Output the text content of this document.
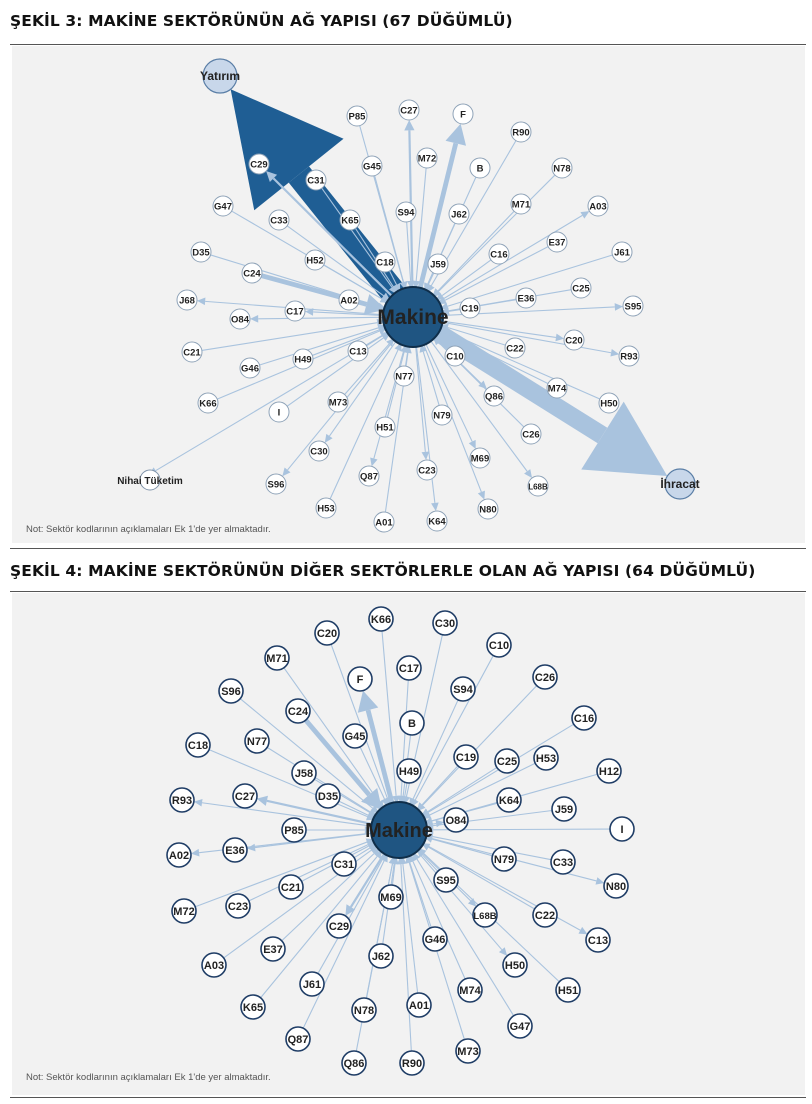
ŞEKİL 3: MAKİNE SEKTÖRÜNÜN AĞ YAPISI (67 DÜĞÜMLÜ)
Makine
Yatırım
İhracat
Nihai Tüketim
P85
C27	F
R90
G45
M72
B	N78
C29
C31
G47
C33	K65
S94	J62
M71	A03
D35
H52	C18	J59
C16
E37
J61
C24
J68	A02
C17
O84
C19
E36
C25
S95
C21
G46
H49
C13	C10
C22
C20
R93
N77
K66
I
M73
M74
H50
Q86
H51
N79
C26
C30
M69
Q87
C23
S96	L68B
H53	N80
A01	K64
Not: Sektör kodlarının açıklamaları Ek 1'de yer almaktadır.
ŞEKİL 4: MAKİNE SEKTÖRÜNÜN DİĞER SEKTÖRLERLE OLAN AĞ YAPISI (64 DÜĞÜMLÜ)
Makine
K66	C30
C20
C10
M71
C17
F	C26
S94
S96
C24
C16
B
G45
N77
C18
H49
C19 C25 H53
H12
J58
R93	C27	D35	K64
J59
P85
O84
I
A02	E36
N79	C33
C31
S95	N80
C21
M72	C23
M69
L68B	C22
C29
C13
G46
E37
A03
J62
H50
J61	H51
M74
K65	N78	A01
G47
Q87
Q86	R90
M73
Not: Sektör kodlarının açıklamaları Ek 1'de yer almaktadır.
